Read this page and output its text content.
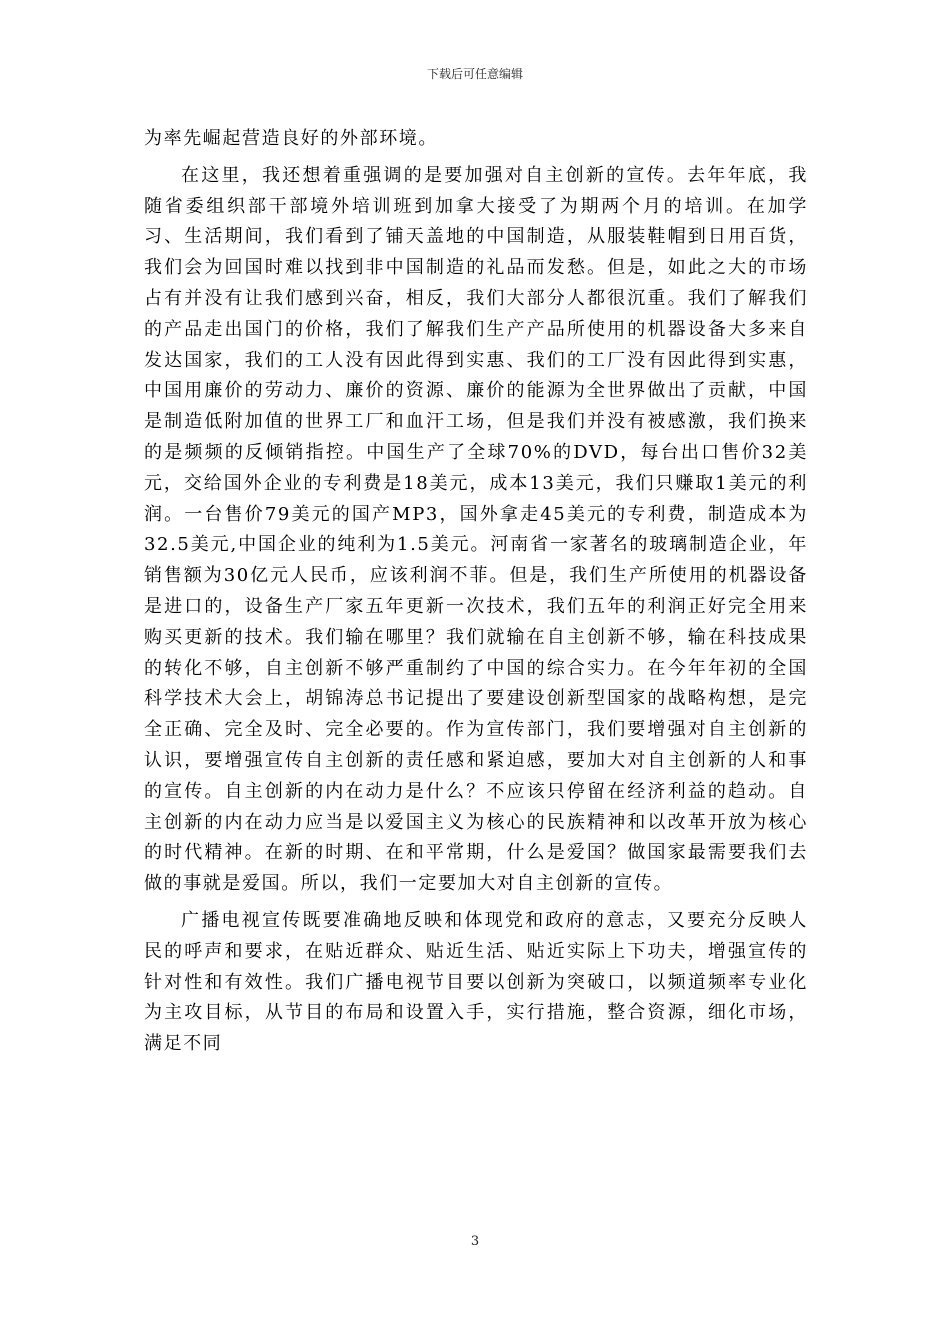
下载后可任意编辑

为率先崛起营造良好的外部环境。

在这里，我还想着重强调的是要加强对自主创新的宣传。去年年底，我随省委组织部干部境外培训班到加拿大接受了为期两个月的培训。在加学习、生活期间，我们看到了铺天盖地的中国制造，从服装鞋帽到日用百货，我们会为回国时难以找到非中国制造的礼品而发愁。但是，如此之大的市场占有并没有让我们感到兴奋，相反，我们大部分人都很沉重。我们了解我们的产品走出国门的价格，我们了解我们生产产品所使用的机器设备大多来自发达国家，我们的工人没有因此得到实惠、我们的工厂没有因此得到实惠，中国用廉价的劳动力、廉价的资源、廉价的能源为全世界做出了贡献，中国是制造低附加值的世界工厂和血汗工场，但是我们并没有被感激，我们换来的是频频的反倾销指控。中国生产了全球70%的DVD，每台出口售价32美元，交给国外企业的专利费是18美元，成本13美元，我们只赚取1美元的利润。一台售价79美元的国产MP3，国外拿走45美元的专利费，制造成本为32.5美元,中国企业的纯利为1.5美元。河南省一家著名的玻璃制造企业，年销售额为30亿元人民币，应该利润不菲。但是，我们生产所使用的机器设备是进口的，设备生产厂家五年更新一次技术，我们五年的利润正好完全用来购买更新的技术。我们输在哪里？我们就输在自主创新不够，输在科技成果的转化不够，自主创新不够严重制约了中国的综合实力。在今年年初的全国科学技术大会上，胡锦涛总书记提出了要建设创新型国家的战略构想，是完全正确、完全及时、完全必要的。作为宣传部门，我们要增强对自主创新的认识，要增强宣传自主创新的责任感和紧迫感，要加大对自主创新的人和事的宣传。自主创新的内在动力是什么？不应该只停留在经济利益的趋动。自主创新的内在动力应当是以爱国主义为核心的民族精神和以改革开放为核心的时代精神。在新的时期、在和平常期，什么是爱国？做国家最需要我们去做的事就是爱国。所以，我们一定要加大对自主创新的宣传。

广播电视宣传既要准确地反映和体现党和政府的意志，又要充分反映人民的呼声和要求，在贴近群众、贴近生活、贴近实际上下功夫，增强宣传的针对性和有效性。我们广播电视节目要以创新为突破口，以频道频率专业化为主攻目标，从节目的布局和设置入手，实行措施，整合资源，细化市场，满足不同

3
